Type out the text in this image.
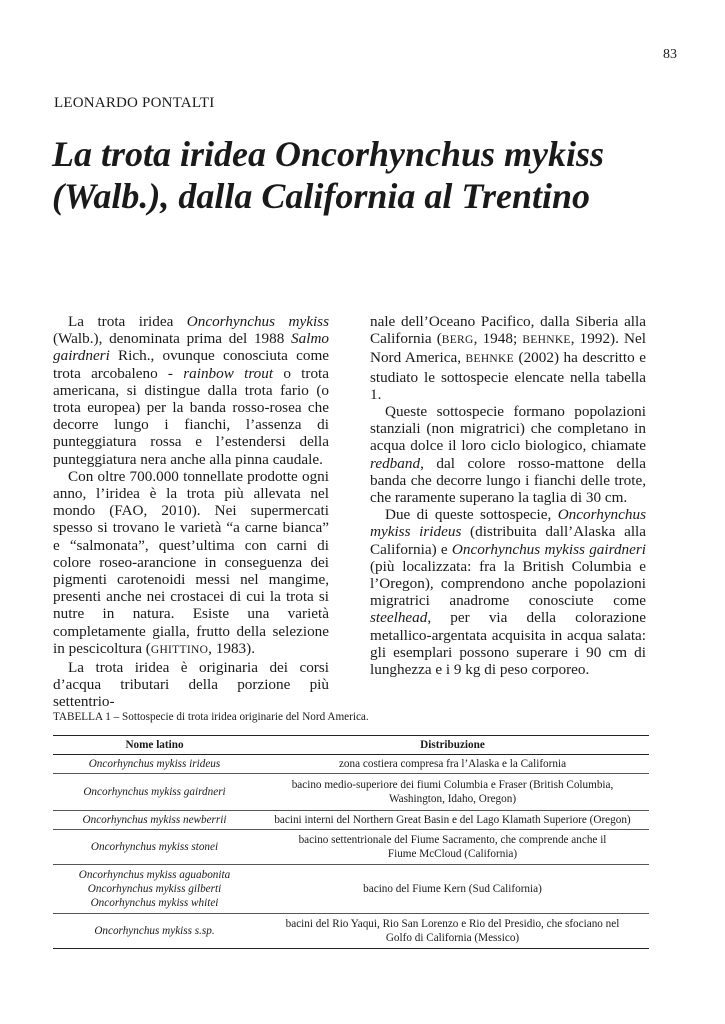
83
LEONARDO PONTALTI
La trota iridea Oncorhynchus mykiss
(Walb.), dalla California al Trentino

La trota iridea Oncorhynchus mykiss (Walb.), denominata prima del 1988 Salmo gairdneri Rich., ovunque conosciuta come trota arcobaleno - rainbow trout o trota americana, si distingue dalla trota fario (o trota europea) per la banda rosso-rosea che decorre lungo i fianchi, l’assenza di punteggiatura rossa e l’estendersi della punteggiatura nera anche alla pinna caudale.

Con oltre 700.000 tonnellate prodotte ogni anno, l’iridea è la trota più allevata nel mondo (FAO, 2010). Nei supermercati spesso si trovano le varietà “a carne bianca” e “salmonata”, quest’ultima con carni di colore roseo-arancione in conseguenza dei pigmenti carotenoidi messi nel mangime, presenti anche nei crostacei di cui la trota si nutre in natura. Esiste una varietà completamente gialla, frutto della selezione in pescicoltura (GHITTINO, 1983).

La trota iridea è originaria dei corsi d’acqua tributari della porzione più settentrio-

nale dell’Oceano Pacifico, dalla Siberia alla California (BERG, 1948; BEHNKE, 1992). Nel Nord America, BEHNKE (2002) ha descritto e studiato le sottospecie elencate nella tabella 1.

Queste sottospecie formano popolazioni stanziali (non migratrici) che completano in acqua dolce il loro ciclo biologico, chiamate redband, dal colore rosso-mattone della banda che decorre lungo i fianchi delle trote, che raramente superano la taglia di 30 cm.

Due di queste sottospecie, Oncorhynchus mykiss irideus (distribuita dall’Alaska alla California) e Oncorhynchus mykiss gairdneri (più localizzata: fra la British Columbia e l’Oregon), comprendono anche popolazioni migratrici anadrome conosciute come steelhead, per via della colorazione metallico-argentata acquisita in acqua salata: gli esemplari possono superare i 90 cm di lunghezza e i 9 kg di peso corporeo.

TABELLA 1 – Sottospecie di trota iridea originarie del Nord America.
Nome latino	Distribuzione

Oncorhynchus mykiss irideus	zona costiera compresa fra l’Alaska e la California

Oncorhynchus mykiss gairdneri	bacino medio-superiore dei fiumi Columbia e Fraser (British Columbia,
Washington, Idaho, Oregon)

Oncorhynchus mykiss newberrii	bacini interni del Northern Great Basin e del Lago Klamath Superiore (Oregon)

Oncorhynchus mykiss stonei	bacino settentrionale del Fiume Sacramento, che comprende anche il
Fiume McCloud (California)

Oncorhynchus mykiss aguabonita
Oncorhynchus mykiss gilberti
Oncorhynchus mykiss whitei	bacino del Fiume Kern (Sud California)

Oncorhynchus mykiss s.sp.	bacini del Rio Yaqui, Rio San Lorenzo e Rio del Presidio, che sfociano nel
Golfo di California (Messico)
